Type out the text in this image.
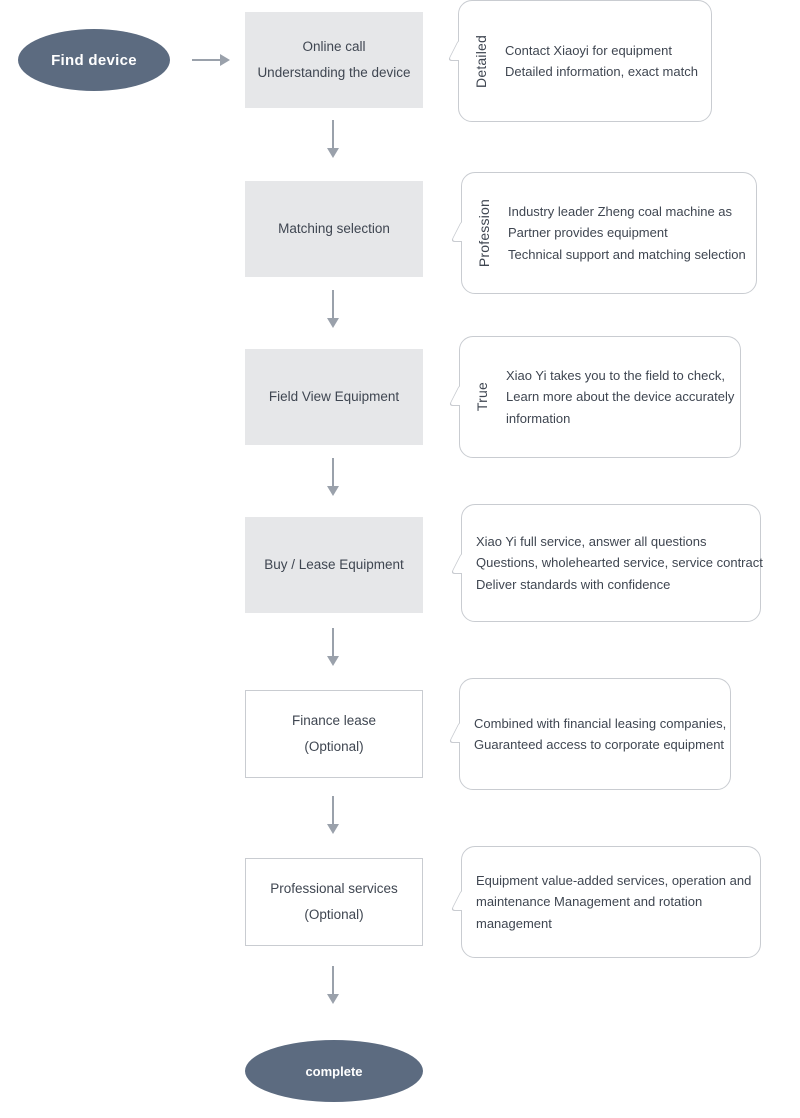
Find device
complete
Online call
Understanding the device
Matching selection
Field View Equipment
Buy / Lease Equipment
Finance lease
(Optional)
Professional services
(Optional)
Detailed Contact Xiaoyi for equipment
Detailed information, exact match
Profession Industry leader Zheng coal machine as
Partner provides equipment
Technical support and matching selection
True
Xiao Yi takes you to the field to check,
Learn more about the device accurately
information
Xiao Yi full service, answer all questions
Questions, wholehearted service, service contract
Deliver standards with confidence
Combined with financial leasing companies,
Guaranteed access to corporate equipment
Equipment value-added services, operation and
maintenance Management and rotation
management
